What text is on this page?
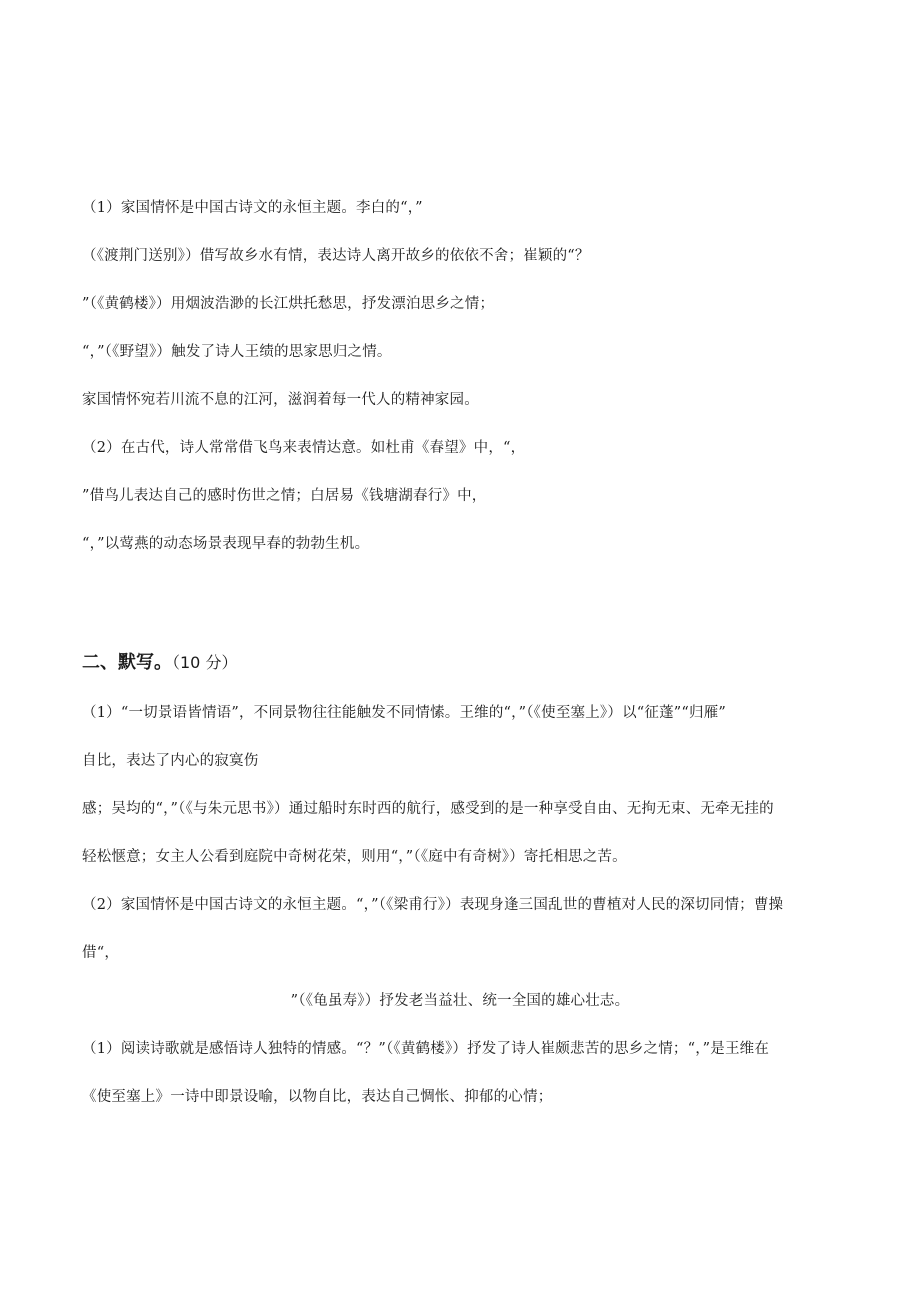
（1）家国情怀是中国古诗文的永恒主题。李白的“，”
（《渡荆门送别》）借写故乡水有情，表达诗人离开故乡的依依不舍；崔颖的“？
”（《黄鹤楼》）用烟波浩渺的长江烘托愁思，抒发漂泊思乡之情；
“，”（《野望》）触发了诗人王绩的思家思归之情。
家国情怀宛若川流不息的江河，滋润着每一代人的精神家园。
（2）在古代，诗人常常借飞鸟来表情达意。如杜甫《春望》中，“，
”借鸟儿表达自己的感时伤世之情；白居易《钱塘湖春行》中，
“，”以莺燕的动态场景表现早春的勃勃生机。
二、默写。（10 分）
（1）“一切景语皆情语”，不同景物往往能触发不同情愫。王维的“，”（《使至塞上》）以“征蓬”“归雁”
自比，表达了内心的寂寞伤
感；吴均的“，”（《与朱元思书》）通过船时东时西的航行，感受到的是一种享受自由、无拘无束、无牵无挂的
轻松惬意；女主人公看到庭院中奇树花荣，则用“，”（《庭中有奇树》）寄托相思之苦。
（2）家国情怀是中国古诗文的永恒主题。“，”（《梁甫行》）表现身逢三国乱世的曹植对人民的深切同情；曹操
借“，
”（《龟虽寿》）抒发老当益壮、统一全国的雄心壮志。
（1）阅读诗歌就是感悟诗人独特的情感。“？”（《黄鹤楼》）抒发了诗人崔颇悲苦的思乡之情；“，”是王维在
《使至塞上》一诗中即景设喻，以物自比，表达自己惆怅、抑郁的心情；
